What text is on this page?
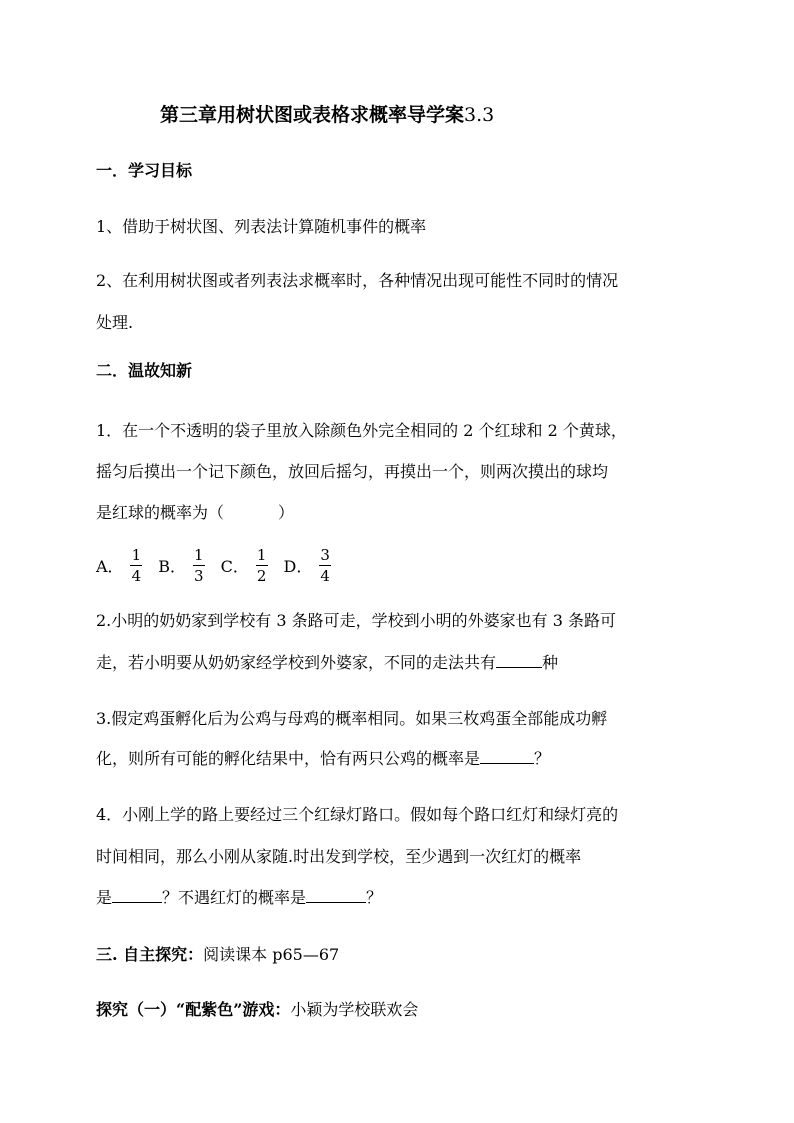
第三章用树状图或表格求概率导学案3.3
一．学习目标
1、借助于树状图、列表法计算随机事件的概率
2、在利用树状图或者列表法求概率时，各种情况出现可能性不同时的情况
处理.
二．温故知新
1．在一个不透明的袋子里放入除颜色外完全相同的 2 个红球和 2 个黄球，
摇匀后摸出一个记下颜色，放回后摇匀，再摸出一个，则两次摸出的球均
是红球的概率为（	）
A． $\frac{1}{4}$ B． $\frac{1}{3}$ C． $\frac{1}{2}$ D． $\frac{3}{4}$
2.小明的奶奶家到学校有 3 条路可走，学校到小明的外婆家也有 3 条路可
走，若小明要从奶奶家经学校到外婆家，不同的走法共有	种
3.假定鸡蛋孵化后为公鸡与母鸡的概率相同。如果三枚鸡蛋全部能成功孵
化，则所有可能的孵化结果中，恰有两只公鸡的概率是	？
4．小刚上学的路上要经过三个红绿灯路口。假如每个路口红灯和绿灯亮的
时间相同，那么小刚从家随.时出发到学校，至少遇到一次红灯的概率
是	？不遇红灯的概率是	？
三. 自主探究：阅读课本 p65—67
探究（一）“配紫色”游戏：小颖为学校联欢会
